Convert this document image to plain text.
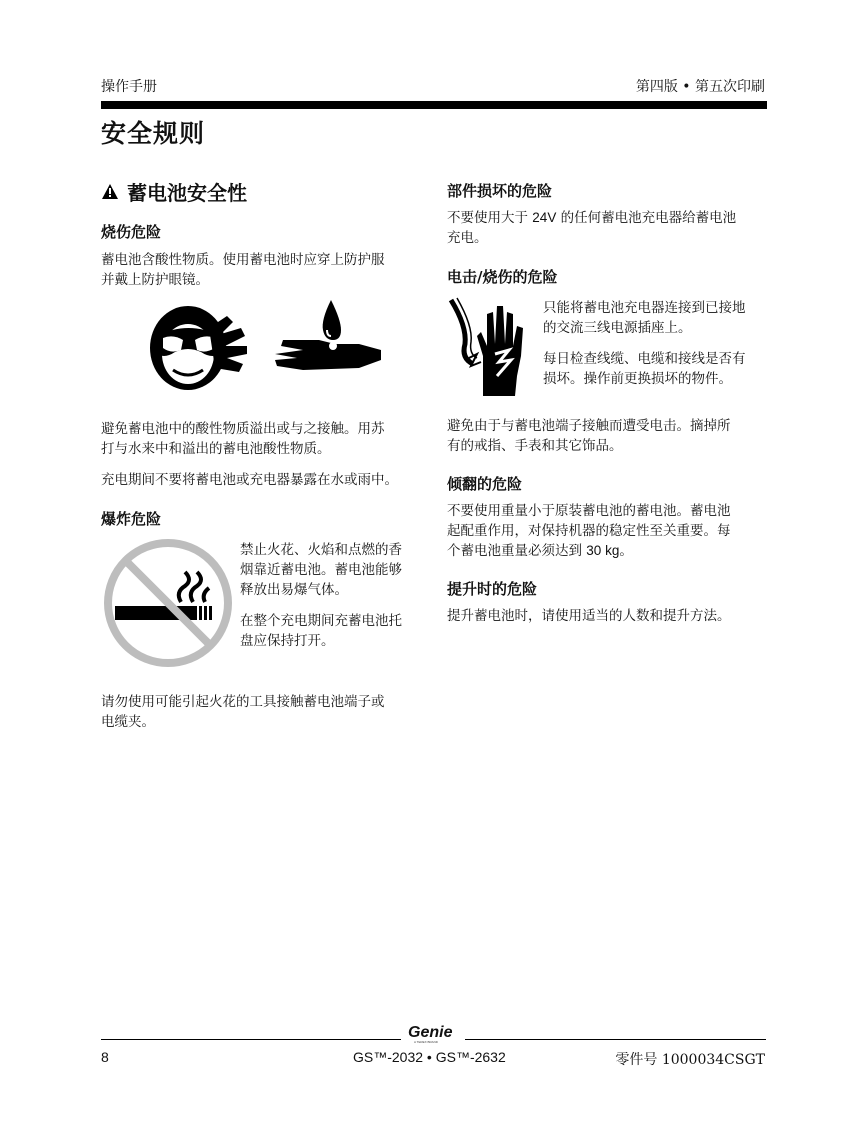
操作手册	第四版 • 第五次印刷
安全规则
蓄电池安全性
烧伤危险
蓄电池含酸性物质。使用蓄电池时应穿上防护服
并戴上防护眼镜。
避免蓄电池中的酸性物质溢出或与之接触。用苏
打与水来中和溢出的蓄电池酸性物质。
充电期间不要将蓄电池或充电器暴露在水或雨中。
爆炸危险
禁止火花、火焰和点燃的香
烟靠近蓄电池。蓄电池能够
释放出易爆气体。
在整个充电期间充蓄电池托
盘应保持打开。
请勿使用可能引起火花的工具接触蓄电池端子或
电缆夹。
部件损坏的危险
不要使用大于 24V 的任何蓄电池充电器给蓄电池
充电。
电击/烧伤的危险
只能将蓄电池充电器连接到已接地
的交流三线电源插座上。
每日检查线缆、电缆和接线是否有
损坏。操作前更换损坏的物件。
避免由于与蓄电池端子接触而遭受电击。摘掉所
有的戒指、手表和其它饰品。
倾翻的危险
不要使用重量小于原装蓄电池的蓄电池。蓄电池
起配重作用，对保持机器的稳定性至关重要。每
个蓄电池重量必须达到 30 kg。
提升时的危险
提升蓄电池时，请使用适当的人数和提升方法。
Genie
A TEREX BRAND
8	GS™-2032 • GS™-2632	零件号 1000034CSGT
